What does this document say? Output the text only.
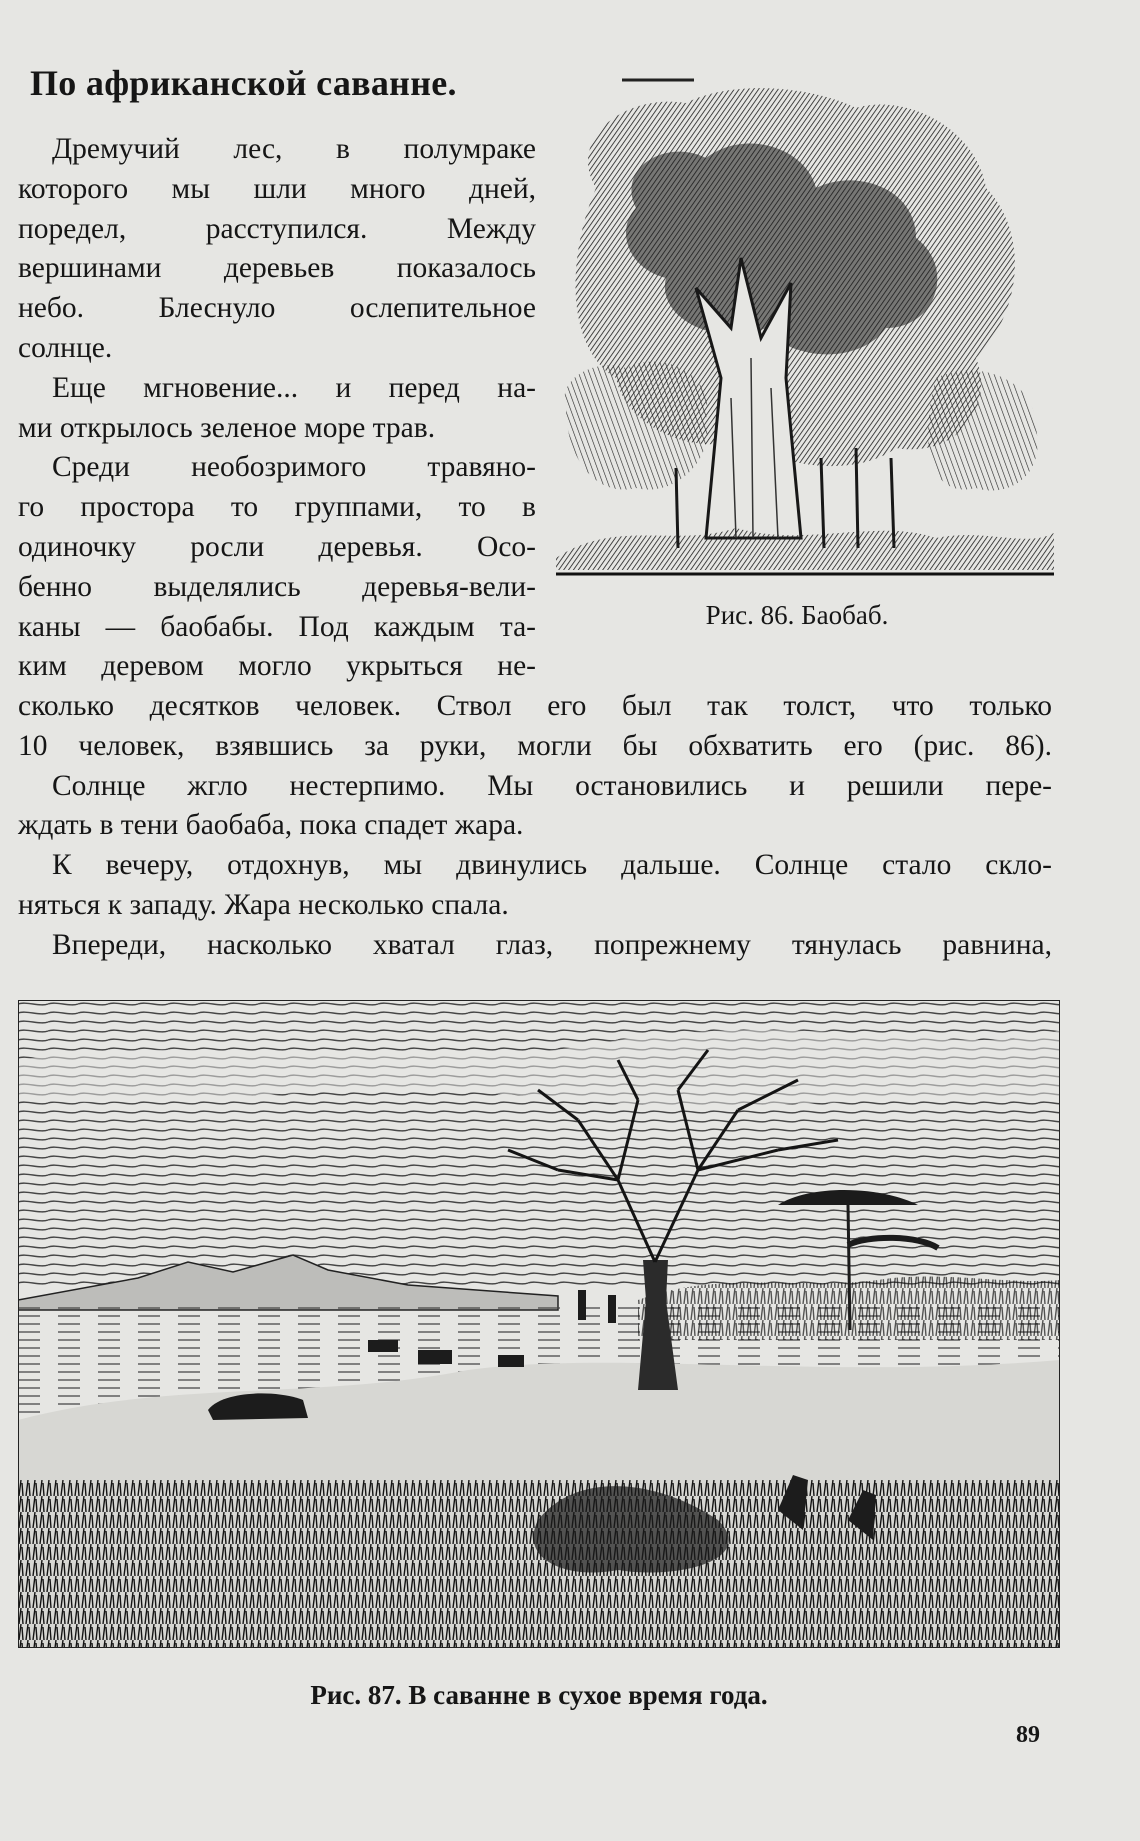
По африканской саванне.
Дремучий лес, в полумраке
которого мы шли много дней,
поредел, расступился. Между
вершинами деревьев показалось
небо. Блеснуло ослепительное
солнце.
Еще мгновение... и перед на-
ми открылось зеленое море трав.
Среди необозримого травяно-
го простора то группами, то в
одиночку росли деревья. Осо-
бенно выделялись деревья-вели-
каны — баобабы. Под каждым та-
ким деревом могло укрыться не-
сколько десятков человек. Ствол его был так толст, что только
10 человек, взявшись за руки, могли бы обхватить его (рис. 86).
Солнце жгло нестерпимо. Мы остановились и решили пере-
ждать в тени баобаба, пока спадет жара.
К вечеру, отдохнув, мы двинулись дальше. Солнце стало скло-
няться к западу. Жара несколько спала.
Впереди, насколько хватал глаз, попрежнему тянулась равнина,
Рис. 86. Баобаб.
Рис. 87. В саванне в сухое время года.
89
